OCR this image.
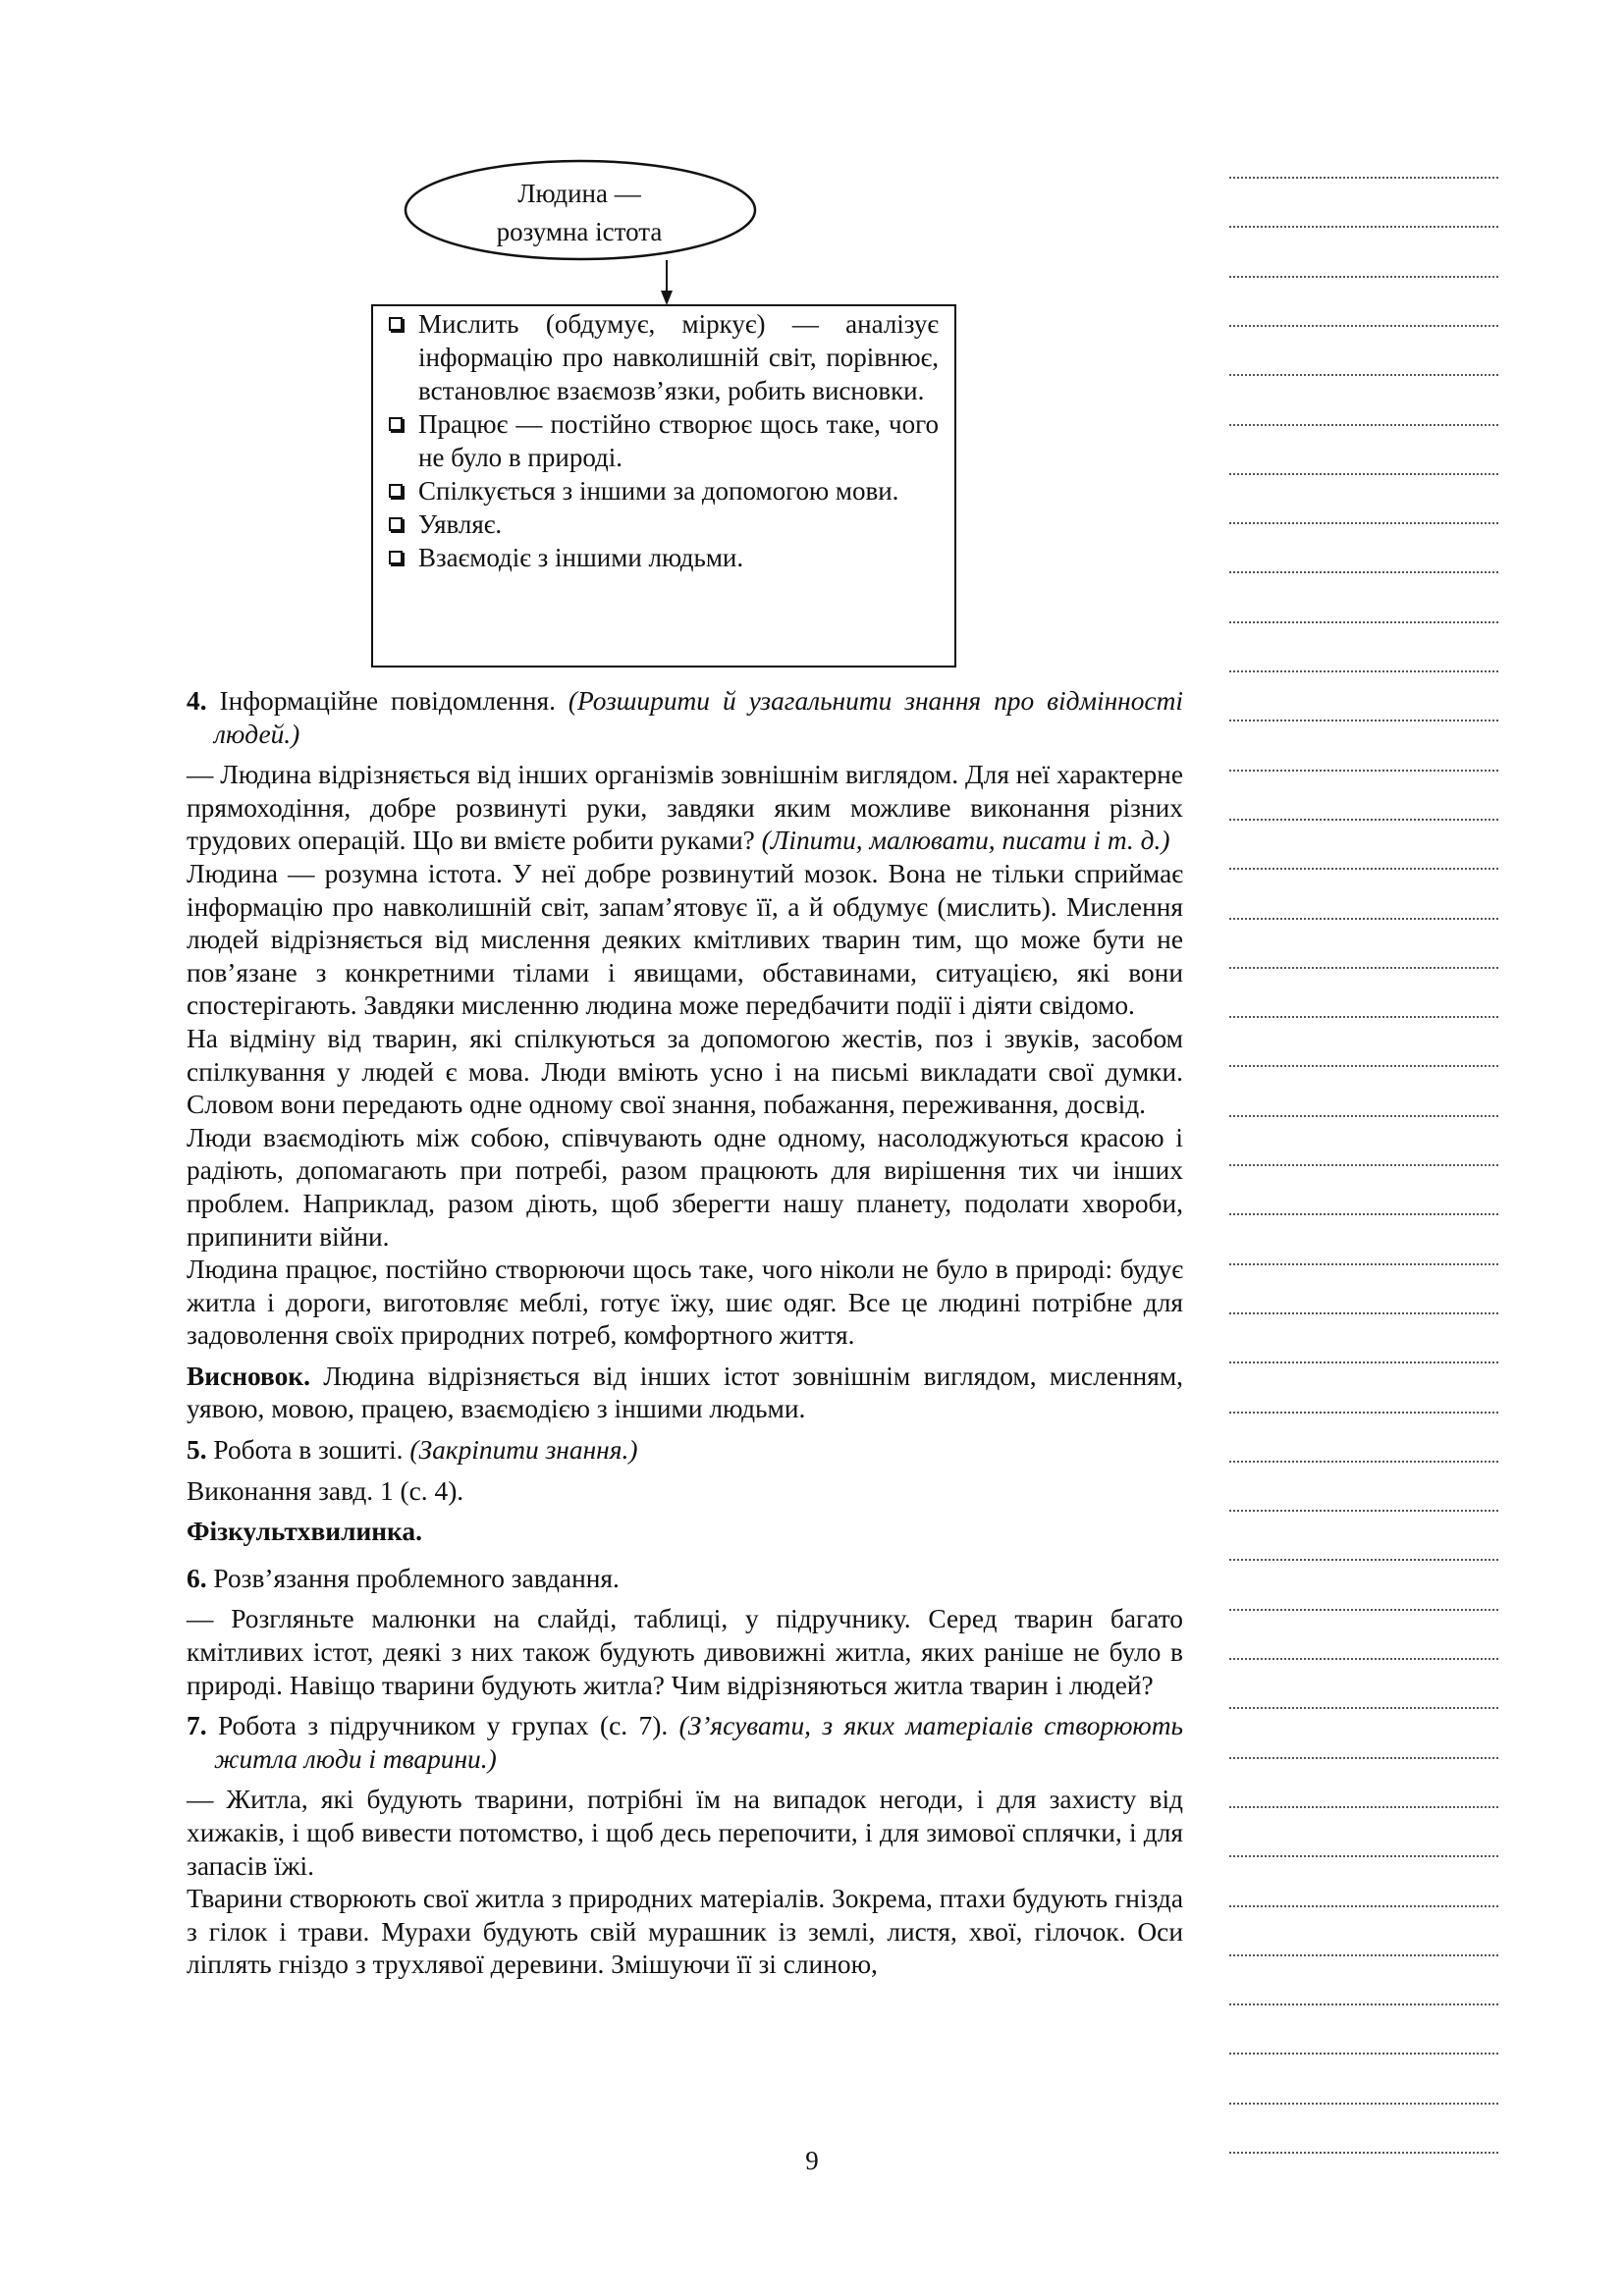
Людина —
розумна істота
Мислить (обдумує, міркує) — аналізує інформацію про навколишній світ, порівнює, встановлює взаємозв’язки, робить висновки.
Працює — постійно створює щось таке, чого не було в природі.
Спілкується з іншими за допомогою мови.
Уявляє.
Взаємодіє з іншими людьми.

4. Інформаційне повідомлення. (Розширити й узагальнити знання про відмінності людей.)

— Людина відрізняється від інших організмів зовнішнім виглядом. Для неї характерне прямоходіння, добре розвинуті руки, завдяки яким можливе виконання різних трудових операцій. Що ви вмієте робити руками? (Ліпити, малювати, писати і т. д.)

Людина — розумна істота. У неї добре розвинутий мозок. Вона не тільки сприймає інформацію про навколишній світ, запам’ятовує її, а й обдумує (мислить). Мислення людей відрізняється від мислення деяких кмітливих тварин тим, що може бути не пов’язане з конкретними тілами і явищами, обставинами, ситуацією, які вони спостерігають. Завдяки мисленню людина може передбачити події і діяти свідомо.

На відміну від тварин, які спілкуються за допомогою жестів, поз і звуків, засобом спілкування у людей є мова. Люди вміють усно і на письмі викладати свої думки. Словом вони передають одне одному свої знання, побажання, переживання, досвід.

Люди взаємодіють між собою, співчувають одне одному, насолоджуються красою і радіють, допомагають при потребі, разом працюють для вирішення тих чи інших проблем. Наприклад, разом діють, щоб зберегти нашу планету, подолати хвороби, припинити війни.

Людина працює, постійно створюючи щось таке, чого ніколи не було в природі: будує житла і дороги, виготовляє меблі, готує їжу, шиє одяг. Все це людині потрібне для задоволення своїх природних потреб, комфортного життя.

Висновок. Людина відрізняється від інших істот зовнішнім виглядом, мисленням, уявою, мовою, працею, взаємодією з іншими людьми.

5. Робота в зошиті. (Закріпити знання.)

Виконання завд. 1 (с. 4).

Фізкультхвилинка.

6. Розв’язання проблемного завдання.

— Розгляньте малюнки на слайді, таблиці, у підручнику. Серед тварин багато кмітливих істот, деякі з них також будують дивовижні житла, яких раніше не було в природі. Навіщо тварини будують житла? Чим відрізняються житла тварин і людей?

7. Робота з підручником у групах (с. 7). (З’ясувати, з яких матеріалів створюють житла люди і тварини.)

— Житла, які будують тварини, потрібні їм на випадок негоди, і для захисту від хижаків, і щоб вивести потомство, і щоб десь перепочити, і для зимової сплячки, і для запасів їжі.

Тварини створюють свої житла з природних матеріалів. Зокрема, птахи будують гнізда з гілок і трави. Мурахи будують свій мурашник із землі, листя, хвої, гілочок. Оси ліплять гніздо з трухлявої деревини. Змішуючи її зі слиною,

9
